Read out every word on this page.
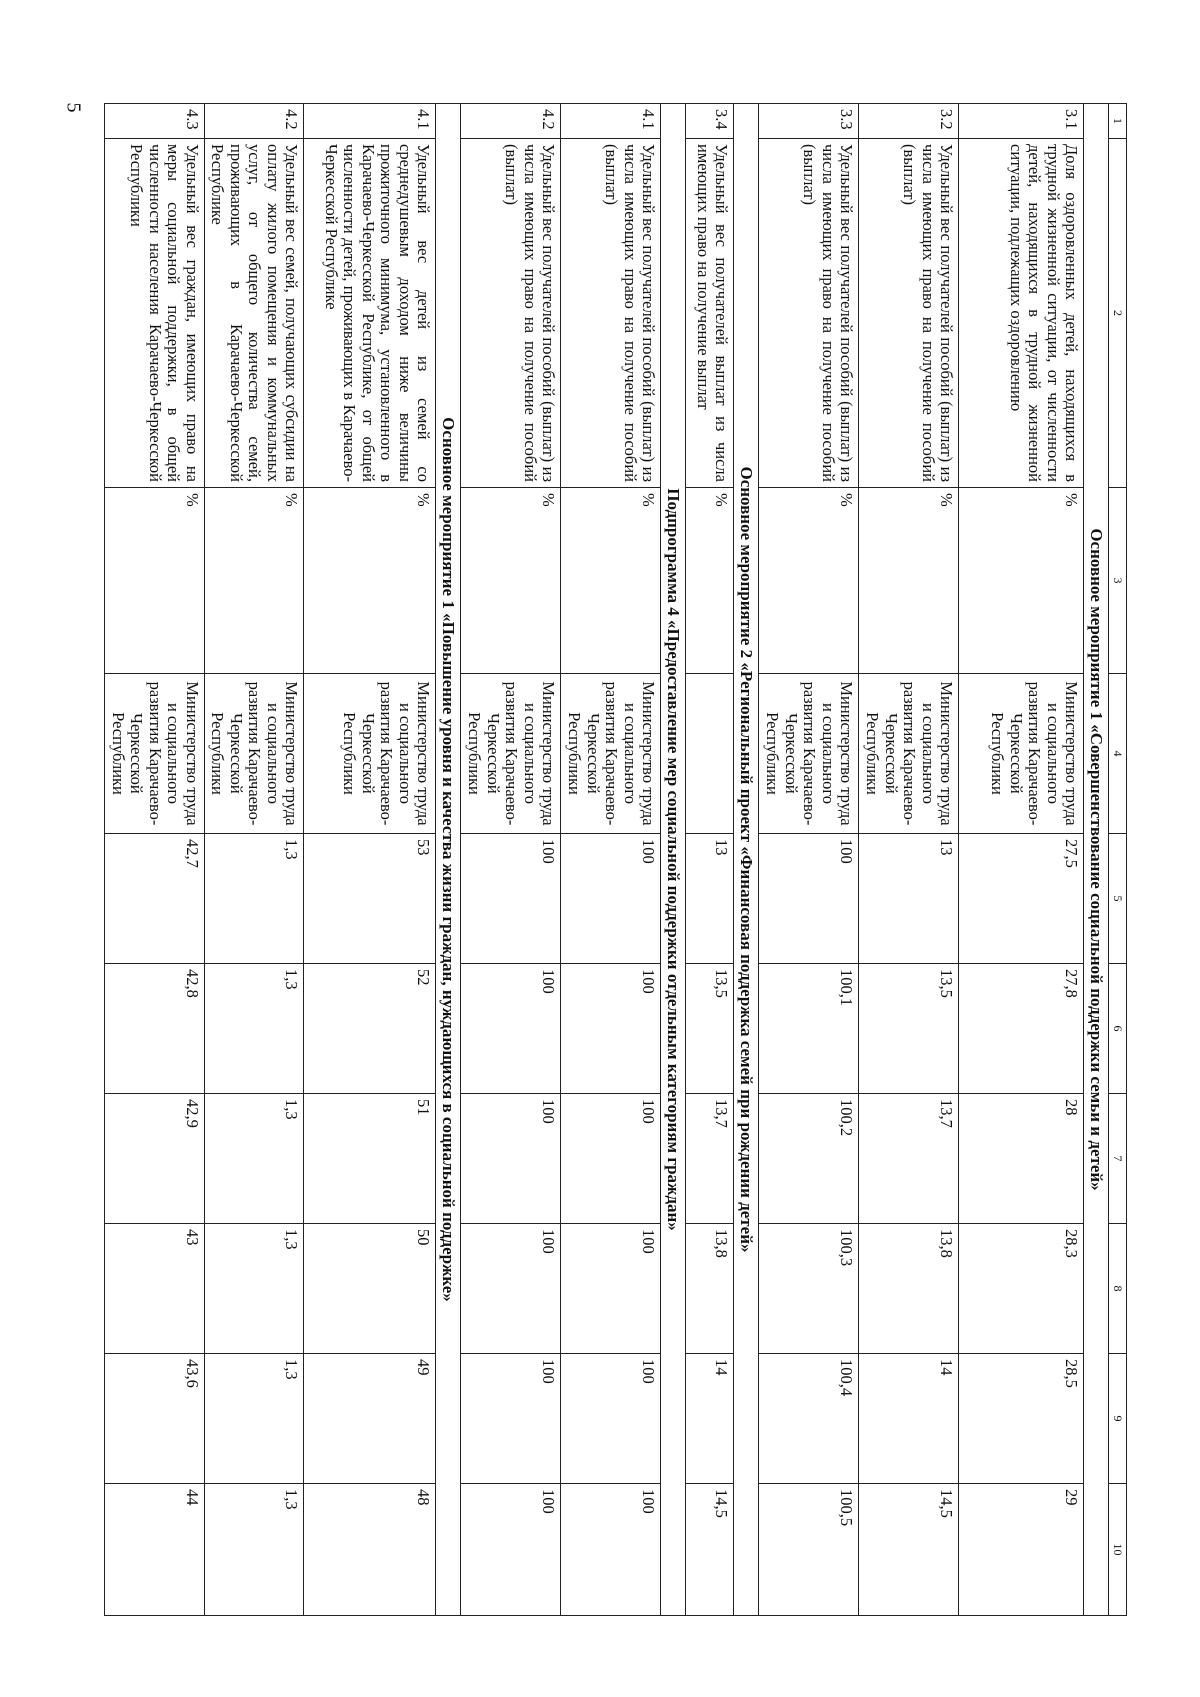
5
1	2	3	4	5	6	7	8	9	10
Основное мероприятие 1 «Совершенствование социальной поддержки семьи и детей»									
3.1	Доля оздоровленных детей, находящихся в трудной жизненной ситуации, от численности детей, находящихся в трудной жизненной ситуации, подлежащих оздоровлению	%	Министерство труда и социального развития Карачаево-Черкесской Республики	27,5	27,8	28	28,3	28,5	29
3.2	Удельный вес получателей пособий (выплат) из числа имеющих право на получение пособий (выплат)	%	Министерство труда и социального развития Карачаево-Черкесской Республики	13	13,5	13,7	13,8	14	14,5
3.3	Удельный вес получателей пособий (выплат) из числа имеющих право на получение пособий (выплат)	%	Министерство труда и социального развития Карачаево-Черкесской Республики	100	100,1	100,2	100,3	100,4	100,5
Основное мероприятие 2 «Региональный проект «Финансовая поддержка семей при рождении детей»									
3.4	Удельный вес получателей выплат из числа имеющих право на получение выплат	%		13	13,5	13,7	13,8	14	14,5
Подпрограмма 4 «Предоставление мер социальной поддержки отдельным категориям граждан»									
4.1	Удельный вес получателей пособий (выплат) из числа имеющих право на получение пособий (выплат)	%	Министерство труда и социального развития Карачаево-Черкесской Республики	100	100	100	100	100	100
4.2	Удельный вес получателей пособий (выплат) из числа имеющих право на получение пособий (выплат)	%	Министерство труда и социального развития Карачаево-Черкесской Республики	100	100	100	100	100	100
Основное мероприятие 1 «Повышение уровня и качества жизни граждан, нуждающихся в социальной поддержке»									
4.1	Удельный вес детей из семей со среднедушевым доходом ниже величины прожиточного минимума, установленного в Карачаево-Черкесской Республике, от общей численности детей, проживающих в Карачаево-Черкесской Республике	%	Министерство труда и социального развития Карачаево-Черкесской Республики	53	52	51	50	49	48
4.2	Удельный вес семей, получающих субсидии на оплату жилого помещения и коммунальных услуг, от общего количества семей, проживающих в Карачаево-Черкесской Республике	%	Министерство труда и социального развития Карачаево-Черкесской Республики	1,3	1,3	1,3	1,3	1,3	1,3
4.3	Удельный вес граждан, имеющих право на меры социальной поддержки, в общей численности населения Карачаево-Черкесской Республики	%	Министерство труда и социального развития Карачаево-Черкесской Республики	42,7	42,8	42,9	43	43,6	44
